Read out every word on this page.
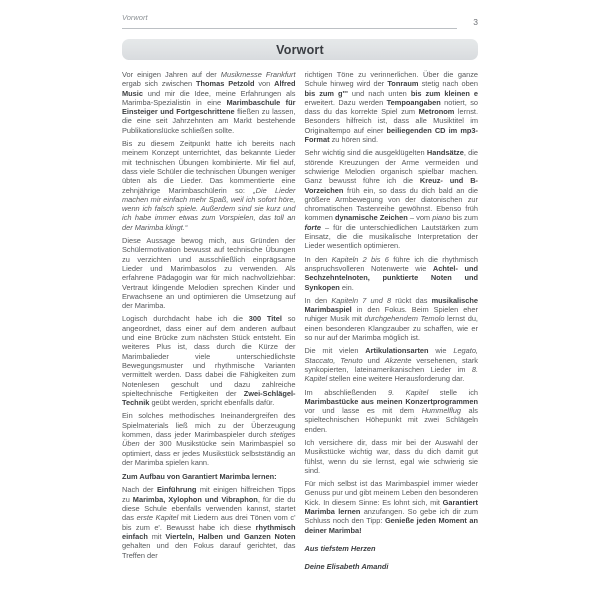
Vorwort	3
Vorwort

Vor einigen Jahren auf der Musikmesse Frankfurt ergab sich zwischen Thomas Petzold von Alfred Music und mir die Idee, meine Erfahrungen als Marimba-Spezialistin in eine Marimbaschule für Einsteiger und Fortgeschrittene fließen zu lassen, die eine seit Jahrzehnten am Markt bestehende Publikationslücke schließen sollte.

Bis zu diesem Zeitpunkt hatte ich bereits nach meinem Konzept unterrichtet, das bekannte Lieder mit technischen Übungen kombinierte. Mir fiel auf, dass viele Schüler die technischen Übungen weniger übten als die Lieder. Das kommentierte eine zehnjährige Marimbaschülerin so: „Die Lieder machen mir einfach mehr Spaß, weil ich sofort höre, wenn ich falsch spiele. Außerdem sind sie kurz und ich habe immer etwas zum Vorspielen, das toll an der Marimba klingt.“

Diese Aussage bewog mich, aus Gründen der Schülermotivation bewusst auf technische Übungen zu verzichten und ausschließlich einprägsame Lieder und Marimbasolos zu verwenden. Als erfahrene Pädagogin war für mich nachvollziehbar: Vertraut klingende Melodien sprechen Kinder und Erwachsene an und optimieren die Umsetzung auf der Marimba.

Logisch durchdacht habe ich die 300 Titel so angeordnet, dass einer auf dem anderen aufbaut und eine Brücke zum nächsten Stück entsteht. Ein weiteres Plus ist, dass durch die Kürze der Marimbalieder viele unterschiedlichste Bewegungsmuster und rhythmische Varianten vermittelt werden. Dass dabei die Fähigkeiten zum Notenlesen geschult und dazu zahlreiche spieltechnische Fertigkeiten der Zwei-Schlägel-Technik geübt werden, spricht ebenfalls dafür.

Ein solches methodisches Ineinandergreifen des Spielmaterials ließ mich zu der Überzeugung kommen, dass jeder Marimbaspieler durch stetiges Üben der 300 Musikstücke sein Marimbaspiel so optimiert, dass er jedes Musikstück selbstständig an der Marimba spielen kann.

Zum Aufbau von Garantiert Marimba lernen:

Nach der Einführung mit einigen hilfreichen Tipps zu Marimba, Xylophon und Vibraphon, für die du diese Schule ebenfalls verwenden kannst, startet das erste Kapitel mit Liedern aus drei Tönen vom c' bis zum e'. Bewusst habe ich diese rhythmisch einfach mit Vierteln, Halben und Ganzen Noten gehalten und den Fokus darauf gerichtet, das Treffen der

richtigen Töne zu verinnerlichen. Über die ganze Schule hinweg wird der Tonraum stetig nach oben bis zum g''' und nach unten bis zum kleinen e erweitert. Dazu werden Tempoangaben notiert, so dass du das korrekte Spiel zum Metronom lernst. Besonders hilfreich ist, dass alle Musiktitel im Originaltempo auf einer beiliegenden CD im mp3-Format zu hören sind.

Sehr wichtig sind die ausgeklügelten Handsätze, die störende Kreuzungen der Arme vermeiden und schwierige Melodien organisch spielbar machen. Ganz bewusst führe ich die Kreuz- und B-Vorzeichen früh ein, so dass du dich bald an die größere Armbewegung von der diatonischen zur chromatischen Tastenreihe gewöhnst. Ebenso früh kommen dynamische Zeichen – vom piano bis zum forte – für die unterschiedlichen Lautstärken zum Einsatz, die die musikalische Interpretation der Lieder wesentlich optimieren.

In den Kapiteln 2 bis 6 führe ich die rhythmisch anspruchsvolleren Notenwerte wie Achtel- und Sechzehntelnoten, punktierte Noten und Synkopen ein.

In den Kapiteln 7 und 8 rückt das musikalische Marimbaspiel in den Fokus. Beim Spielen eher ruhiger Musik mit durchgehendem Temolo lernst du, einen besonderen Klangzauber zu schaffen, wie er so nur auf der Marimba möglich ist.

Die mit vielen Artikulationsarten wie Legato, Staccato, Tenuto und Akzente versehenen, stark synkopierten, lateinamerikanischen Lieder im 8. Kapitel stellen eine weitere Herausforderung dar.

Im abschließenden 9. Kapitel stelle ich Marimbastücke aus meinen Konzertprogrammen vor und lasse es mit dem Hummelflug als spieltechnischen Höhepunkt mit zwei Schlägeln enden.

Ich versichere dir, dass mir bei der Auswahl der Musikstücke wichtig war, dass du dich damit gut fühlst, wenn du sie lernst, egal wie schwierig sie sind.

Für mich selbst ist das Marimbaspiel immer wieder Genuss pur und gibt meinem Leben den besonderen Kick. In diesem Sinne: Es lohnt sich, mit Garantiert Marimba lernen anzufangen. So gebe ich dir zum Schluss noch den Tipp: Genieße jeden Moment an deiner Marimba!

Aus tiefstem Herzen

Deine Elisabeth Amandi
